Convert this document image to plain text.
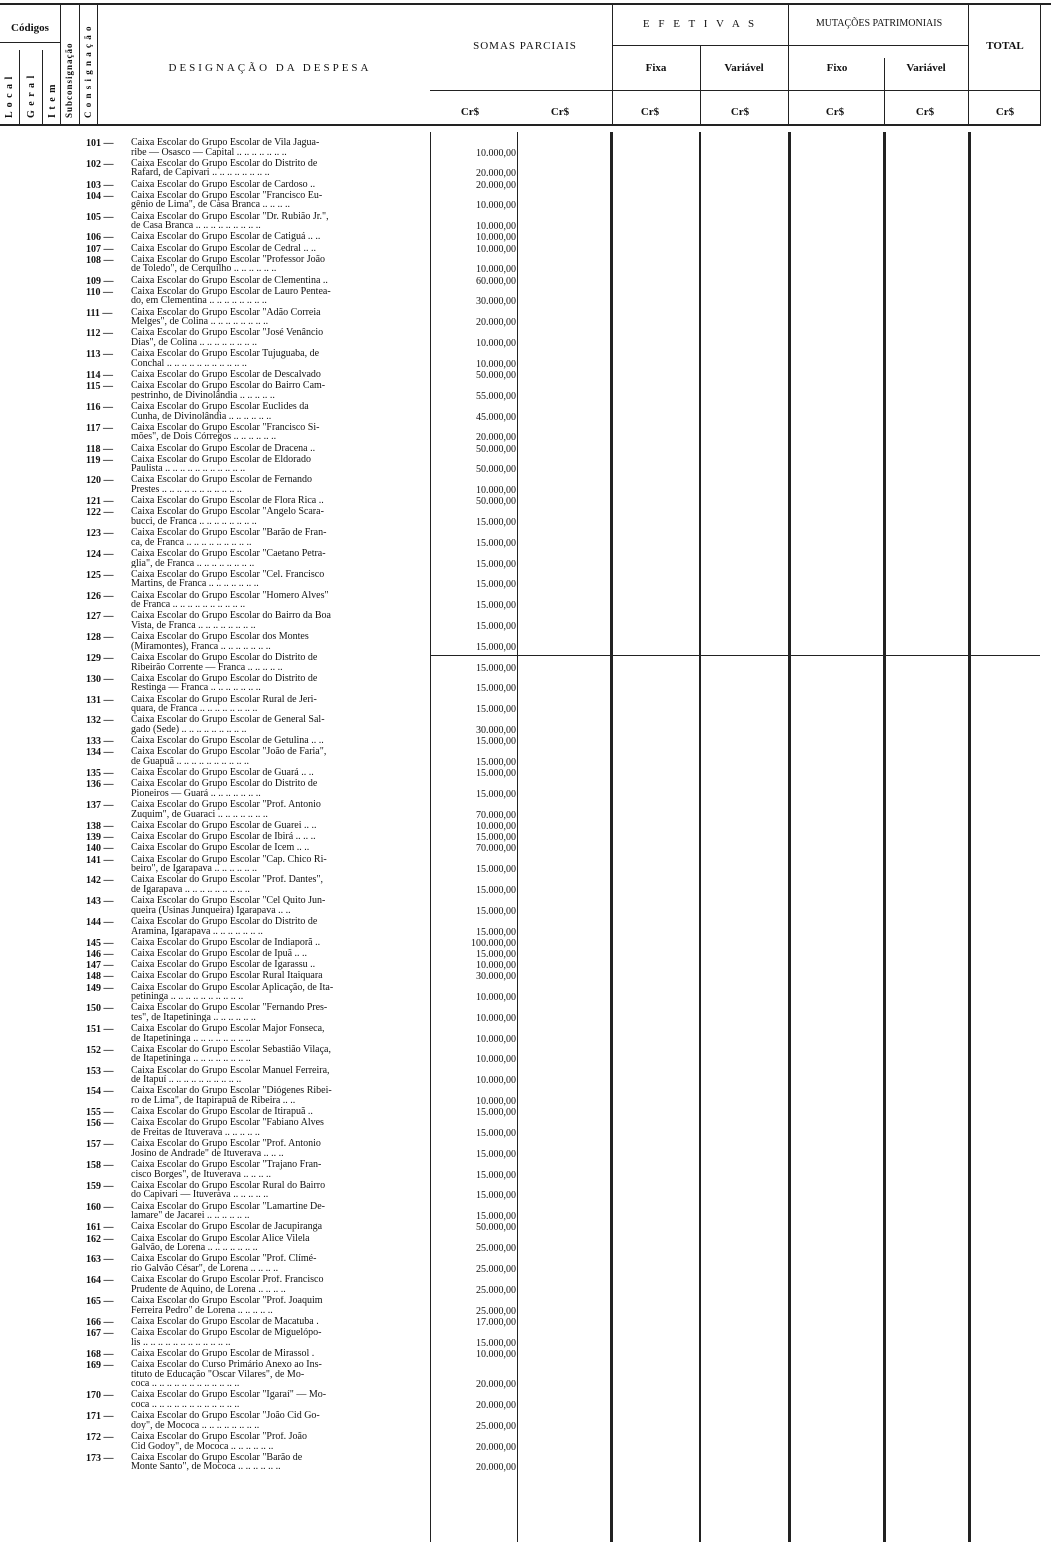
Códigos
L o c a l G e r a l I t e m Subconsignação C o n s i g n a ç ã o	DESIGNAÇÃO DA DESPESA
SOMAS PARCIAIS
E F E T I V A S
Fixa	Variável
MUTAÇÕES PATRIMONIAIS
Fixo	Variável
TOTAL
Cr$	Cr$	Cr$	Cr$	Cr$	Cr$	Cr$
101 —	Caixa Escolar do Grupo Escolar de Vila Jagua-
ribe — Osasco — Capital .. .. .. .. .. .. ..	10.000,00
102 —	Caixa Escolar do Grupo Escolar do Distrito de
Rafard, de Capivari .. .. .. .. .. .. .. ..	20.000,00
103 —	Caixa Escolar do Grupo Escolar de Cardoso ..	20.000,00
104 —	Caixa Escolar do Grupo Escolar "Francisco Eu-
gênio de Lima", de Casa Branca .. .. .. ..	10.000,00
105 —	Caixa Escolar do Grupo Escolar "Dr. Rubião Jr.",
de Casa Branca .. .. .. .. .. .. .. .. ..	10.000,00
106 —	Caixa Escolar do Grupo Escolar de Catiguá .. ..	10.000,00
107 —	Caixa Escolar do Grupo Escolar de Cedral .. ..	10.000,00
108 —	Caixa Escolar do Grupo Escolar "Professor João
de Toledo", de Cerquilho .. .. .. .. .. ..	10.000,00
109 —	Caixa Escolar do Grupo Escolar de Clementina ..	60.000,00
110 —	Caixa Escolar do Grupo Escolar de Lauro Pentea-
do, em Clementina .. .. .. .. .. .. .. ..	30.000,00
111 —	Caixa Escolar do Grupo Escolar "Adão Correia
Melges", de Colina .. .. .. .. .. .. .. ..	20.000,00
112 —	Caixa Escolar do Grupo Escolar "José Venâncio
Dias", de Colina .. .. .. .. .. .. .. ..	10.000,00
113 —	Caixa Escolar do Grupo Escolar Tujuguaba, de
Conchal .. .. .. .. .. .. .. .. .. .. ..	10.000,00
114 —	Caixa Escolar do Grupo Escolar de Descalvado	50.000,00
115 —	Caixa Escolar do Grupo Escolar do Bairro Cam-
pestrinho, de Divinolândia .. .. .. .. ..	55.000,00
116 —	Caixa Escolar do Grupo Escolar Euclides da
Cunha, de Divinolândia .. .. .. .. .. ..	45.000,00
117 —	Caixa Escolar do Grupo Escolar "Francisco Si-
mões", de Dois Córregos .. .. .. .. .. ..	20.000,00
118 —	Caixa Escolar do Grupo Escolar de Dracena ..	50.000,00
119 —	Caixa Escolar do Grupo Escolar de Eldorado
Paulista .. .. .. .. .. .. .. .. .. .. ..	50.000,00
120 —	Caixa Escolar do Grupo Escolar de Fernando
Prestes .. .. .. .. .. .. .. .. .. .. ..	10.000,00
121 —	Caixa Escolar do Grupo Escolar de Flora Rica ..	50.000,00
122 —	Caixa Escolar do Grupo Escolar "Angelo Scara-
bucci, de Franca .. .. .. .. .. .. .. ..	15.000,00
123 —	Caixa Escolar do Grupo Escolar "Barão de Fran-
ca, de Franca .. .. .. .. .. .. .. .. ..	15.000,00
124 —	Caixa Escolar do Grupo Escolar "Caetano Petra-
glia", de Franca .. .. .. .. .. .. .. ..	15.000,00
125 —	Caixa Escolar do Grupo Escolar "Cel. Francisco
Martins, de Franca .. .. .. .. .. .. ..	15.000,00
126 —	Caixa Escolar do Grupo Escolar "Homero Alves"
de Franca .. .. .. .. .. .. .. .. .. ..	15.000,00
127 —	Caixa Escolar do Grupo Escolar do Bairro da Boa
Vista, de Franca .. .. .. .. .. .. .. ..	15.000,00
128 —	Caixa Escolar do Grupo Escolar dos Montes
(Miramontes), Franca .. .. .. .. .. .. ..	15.000,00
129 —	Caixa Escolar do Grupo Escolar do Distrito de
Ribeirão Corrente — Franca .. .. .. .. ..	15.000,00
130 —	Caixa Escolar do Grupo Escolar do Distrito de
Restinga — Franca .. .. .. .. .. .. ..	15.000,00
131 —	Caixa Escolar do Grupo Escolar Rural de Jeri-
quara, de Franca .. .. .. .. .. .. .. ..	15.000,00
132 —	Caixa Escolar do Grupo Escolar de General Sal-
gado (Sede) .. .. .. .. .. .. .. .. ..	30.000,00
133 —	Caixa Escolar do Grupo Escolar de Getulina .. ..	15.000,00
134 —	Caixa Escolar do Grupo Escolar "João de Faria",
de Guapuã .. .. .. .. .. .. .. .. .. ..	15.000,00
135 —	Caixa Escolar do Grupo Escolar de Guará .. ..	15.000,00
136 —	Caixa Escolar do Grupo Escolar do Distrito de
Pioneiros — Guará .. .. .. .. .. .. ..	15.000,00
137 —	Caixa Escolar do Grupo Escolar "Prof. Antonio
Zuquim", de Guaraci .. .. .. .. .. .. ..	70.000,00
138 —	Caixa Escolar do Grupo Escolar de Guarei .. ..	10.000,00
139 —	Caixa Escolar do Grupo Escolar de Ibirá .. .. ..	15.000,00
140 —	Caixa Escolar do Grupo Escolar de Icem .. ..	70.000,00
141 —	Caixa Escolar do Grupo Escolar "Cap. Chico Ri-
beiro", de Igarapava .. .. .. .. .. ..	15.000,00
142 —	Caixa Escolar do Grupo Escolar "Prof. Dantes",
de Igarapava .. .. .. .. .. .. .. .. ..	15.000,00
143 —	Caixa Escolar do Grupo Escolar "Cel Quito Jun-
queira (Usinas Junqueira) Igarapava .. ..	15.000,00
144 —	Caixa Escolar do Grupo Escolar do Distrito de
Aramina, Igarapava .. .. .. .. .. .. ..	15.000,00
145 —	Caixa Escolar do Grupo Escolar de Indiaporã ..	100.000,00
146 —	Caixa Escolar do Grupo Escolar de Ipuã .. ..	15.000,00
147 —	Caixa Escolar do Grupo Escolar de Igarassu ..	10.000,00
148 —	Caixa Escolar do Grupo Escolar Rural Itaiquara	30.000,00
149 —	Caixa Escolar do Grupo Escolar Aplicação, de Ita-
petininga .. .. .. .. .. .. .. .. .. ..	10.000,00
150 —	Caixa Escolar do Grupo Escolar "Fernando Pres-
tes", de Itapetininga .. .. .. .. .. ..	10.000,00
151 —	Caixa Escolar do Grupo Escolar Major Fonseca,
de Itapetininga .. .. .. .. .. .. .. ..	10.000,00
152 —	Caixa Escolar do Grupo Escolar Sebastião Vilaça,
de Itapetininga .. .. .. .. .. .. .. ..	10.000,00
153 —	Caixa Escolar do Grupo Escolar Manuel Ferreira,
de Itapuí .. .. .. .. .. .. .. .. .. ..	10.000,00
154 —	Caixa Escolar do Grupo Escolar "Diógenes Ribei-
ro de Lima", de Itapirapuã de Ribeira .. ..	10.000,00
155 —	Caixa Escolar do Grupo Escolar de Itirapuã ..	15.000,00
156 —	Caixa Escolar do Grupo Escolar "Fabiano Alves
de Freitas de Ituverava .. .. .. .. ..	15.000,00
157 —	Caixa Escolar do Grupo Escolar "Prof. Antonio
Josino de Andrade" de Ituverava .. .. ..	15.000,00
158 —	Caixa Escolar do Grupo Escolar "Trajano Fran-
cisco Borges", de Ituverava .. .. .. ..	15.000,00
159 —	Caixa Escolar do Grupo Escolar Rural do Bairro
do Capivari — Ituverava .. .. .. .. ..	15.000,00
160 —	Caixa Escolar do Grupo Escolar "Lamartine De-
lamare" de Jacarei .. .. .. .. .. ..	15.000,00
161 —	Caixa Escolar do Grupo Escolar de Jacupiranga	50.000,00
162 —	Caixa Escolar do Grupo Escolar Alice Vilela
Galvão, de Lorena .. .. .. .. .. .. ..	25.000,00
163 —	Caixa Escolar do Grupo Escolar "Prof. Clímé-
rio Galvão César", de Lorena .. .. .. ..	25.000,00
164 —	Caixa Escolar do Grupo Escolar Prof. Francisco
Prudente de Aquino, de Lorena .. .. .. ..	25.000,00
165 —	Caixa Escolar do Grupo Escolar "Prof. Joaquim
Ferreira Pedro" de Lorena .. .. .. .. ..	25.000,00
166 —	Caixa Escolar do Grupo Escolar de Macatuba .	17.000,00
167 —	Caixa Escolar do Grupo Escolar de Miguelópo-
lis .. .. .. .. .. .. .. .. .. .. .. ..	15.000,00
168 —	Caixa Escolar do Grupo Escolar de Mirassol .	10.000,00
169 —	Caixa Escolar do Curso Primário Anexo ao Ins-
tituto de Educação "Oscar Vilares", de Mo-
coca .. .. .. .. .. .. .. .. .. .. .. ..	20.000,00
170 —	Caixa Escolar do Grupo Escolar "Igaraí" — Mo-
coca .. .. .. .. .. .. .. .. .. .. .. ..	20.000,00
171 —	Caixa Escolar do Grupo Escolar "João Cid Go-
doy", de Mococa .. .. .. .. .. .. .. ..	25.000,00
172 —	Caixa Escolar do Grupo Escolar "Prof. João
Cid Godoy", de Mococa .. .. .. .. .. ..	20.000,00
173 —	Caixa Escolar do Grupo Escolar "Barão de
Monte Santo", de Mococa .. .. .. .. .. ..	20.000,00
